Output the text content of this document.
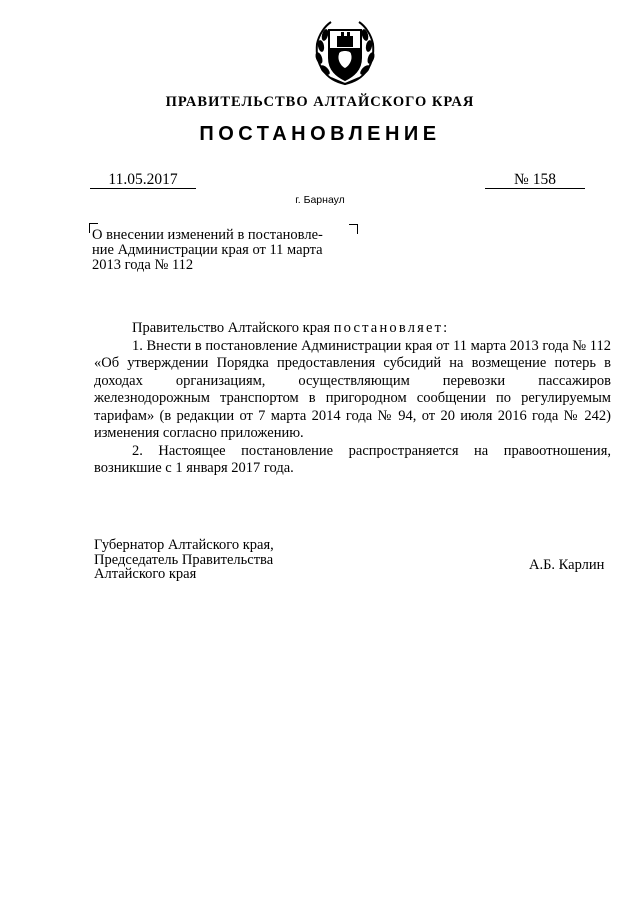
ПРАВИТЕЛЬСТВО АЛТАЙСКОГО КРАЯ
ПОСТАНОВЛЕНИЕ
11.05.2017	№ 158
г. Барнаул
О внесении изменений в постановле-
ние Администрации края от 11 марта
2013 года № 112

Правительство Алтайского края постановляет:

1. Внести в постановление Администрации края от 11 марта 2013 года № 112 «Об утверждении Порядка предоставления субсидий на возмещение потерь в доходах организациям, осуществляющим перевозки пассажиров железнодорожным транспортом в пригородном сообщении по регулируемым тарифам» (в редакции от 7 марта 2014 года № 94, от 20 июля 2016 года № 242) изменения согласно приложению.

2. Настоящее постановление распространяется на правоотношения, возникшие с 1 января 2017 года.

Губернатор Алтайского края,
Председатель Правительства
Алтайского края
А.Б. Карлин
